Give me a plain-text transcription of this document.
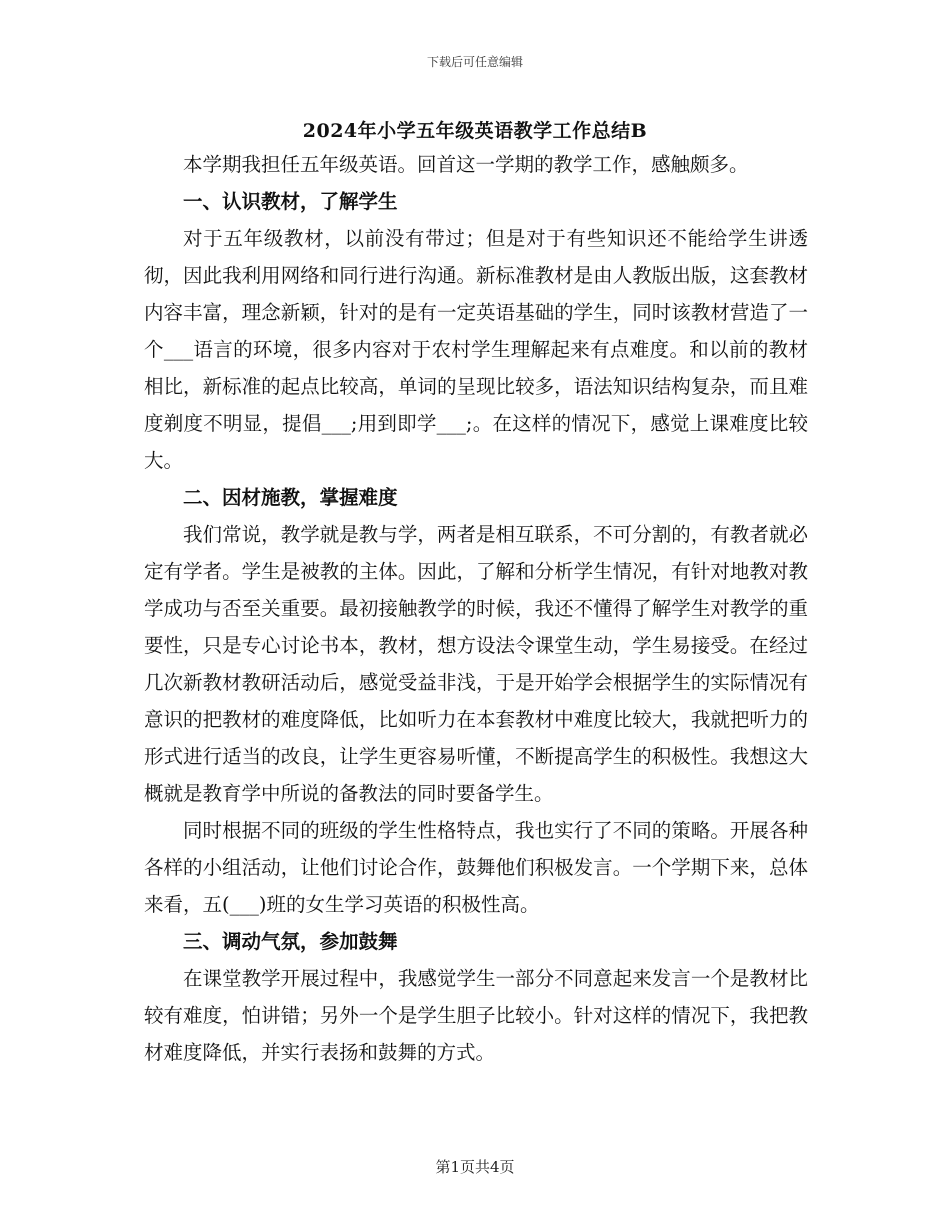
下载后可任意编辑
2024年小学五年级英语教学工作总结B

本学期我担任五年级英语。回首这一学期的教学工作，感触颇多。

一、认识教材，了解学生

对于五年级教材，以前没有带过；但是对于有些知识还不能给学生讲透彻，因此我利用网络和同行进行沟通。新标准教材是由人教版出版，这套教材内容丰富，理念新颖，针对的是有一定英语基础的学生，同时该教材营造了一个___语言的环境，很多内容对于农村学生理解起来有点难度。和以前的教材相比，新标准的起点比较高，单词的呈现比较多，语法知识结构复杂，而且难度剃度不明显，提倡___;用到即学___;。在这样的情况下，感觉上课难度比较大。

二、因材施教，掌握难度

我们常说，教学就是教与学，两者是相互联系，不可分割的，有教者就必定有学者。学生是被教的主体。因此，了解和分析学生情况，有针对地教对教学成功与否至关重要。最初接触教学的时候，我还不懂得了解学生对教学的重要性，只是专心讨论书本，教材，想方设法令课堂生动，学生易接受。在经过几次新教材教研活动后，感觉受益非浅，于是开始学会根据学生的实际情况有意识的把教材的难度降低，比如听力在本套教材中难度比较大，我就把听力的形式进行适当的改良，让学生更容易听懂，不断提高学生的积极性。我想这大概就是教育学中所说的备教法的同时要备学生。

同时根据不同的班级的学生性格特点，我也实行了不同的策略。开展各种各样的小组活动，让他们讨论合作，鼓舞他们积极发言。一个学期下来，总体来看，五(___)班的女生学习英语的积极性高。

三、调动气氛，参加鼓舞

在课堂教学开展过程中，我感觉学生一部分不同意起来发言一个是教材比较有难度，怕讲错；另外一个是学生胆子比较小。针对这样的情况下，我把教材难度降低，并实行表扬和鼓舞的方式。

第1页共4页
